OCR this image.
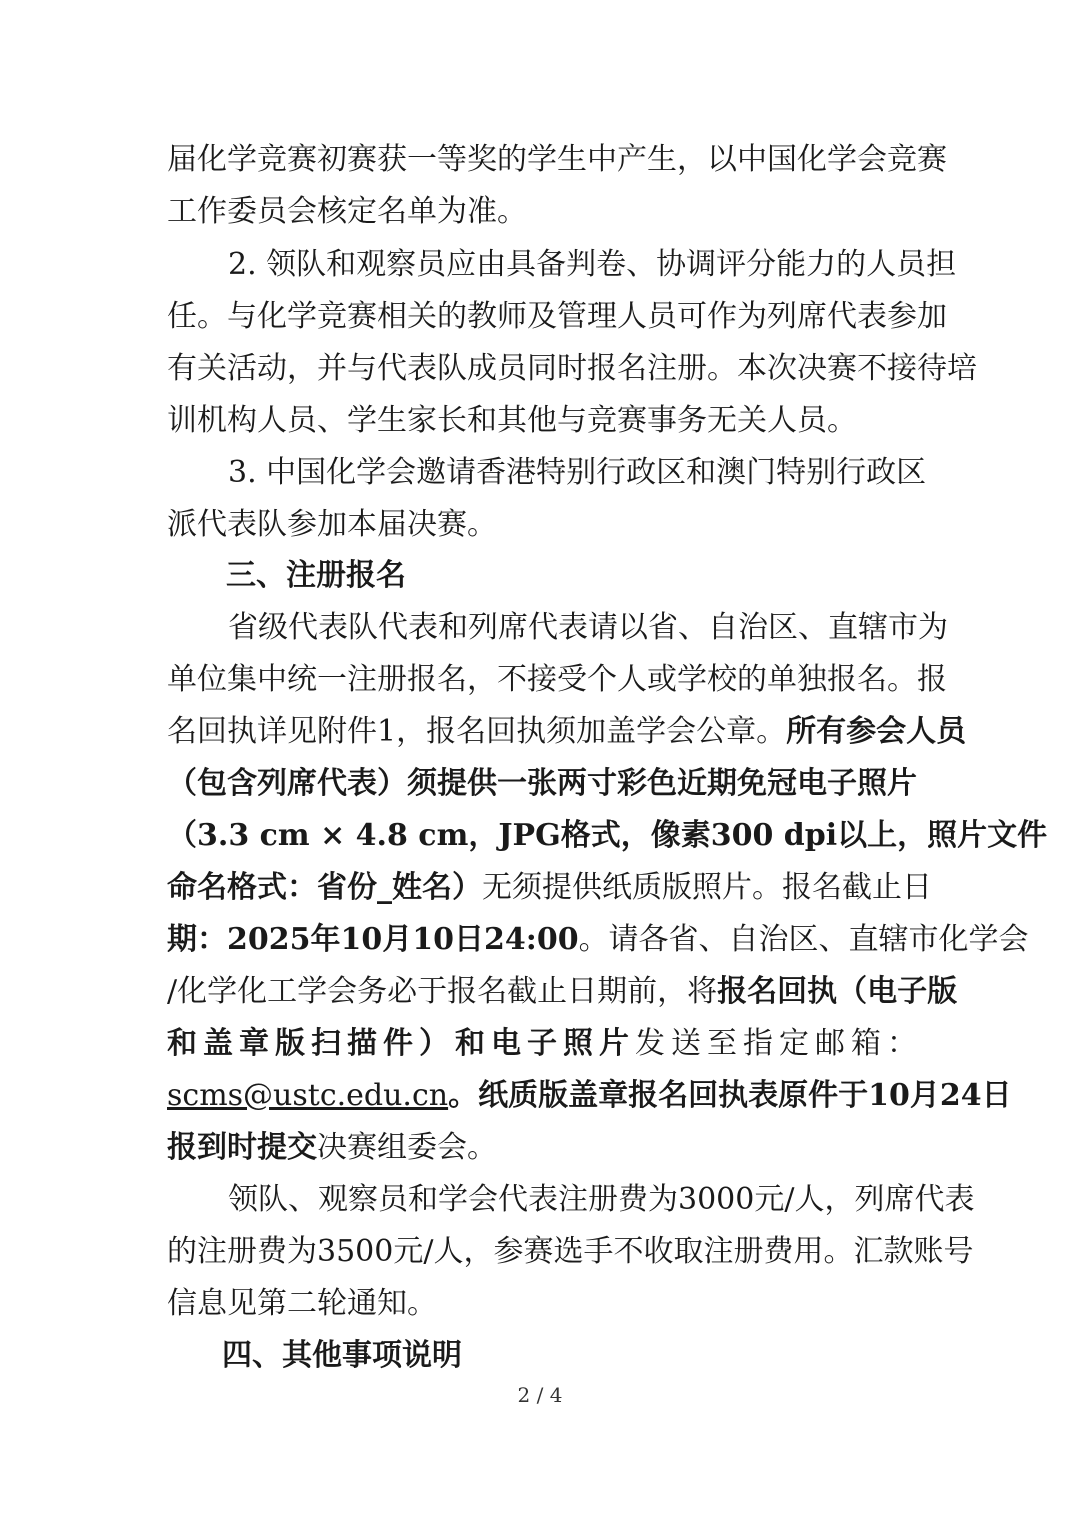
届化学竞赛初赛获一等奖的学生中产生，以中国化学会竞赛
工作委员会核定名单为准。
2. 领队和观察员应由具备判卷、协调评分能力的人员担
任。与化学竞赛相关的教师及管理人员可作为列席代表参加
有关活动，并与代表队成员同时报名注册。本次决赛不接待培
训机构人员、学生家长和其他与竞赛事务无关人员。
3. 中国化学会邀请香港特别行政区和澳门特别行政区
派代表队参加本届决赛。
三、注册报名
省级代表队代表和列席代表请以省、自治区、直辖市为
单位集中统一注册报名，不接受个人或学校的单独报名。报
名回执详见附件1，报名回执须加盖学会公章。所有参会人员
（包含列席代表）须提供一张两寸彩色近期免冠电子照片
（3.3 cm × 4.8 cm，JPG格式，像素300 dpi以上，照片文件
命名格式：省份_姓名）无须提供纸质版照片。报名截止日
期：2025年10月10日24:00。请各省、自治区、直辖市化学会
/化学化工学会务必于报名截止日期前，将报名回执（电子版
和盖章版扫描件）和电子照片发送至指定邮箱：
scms@ustc.edu.cn。纸质版盖章报名回执表原件于10月24日
报到时提交决赛组委会。
领队、观察员和学会代表注册费为3000元/人，列席代表
的注册费为3500元/人，参赛选手不收取注册费用。汇款账号
信息见第二轮通知。
四、其他事项说明
2 / 4
